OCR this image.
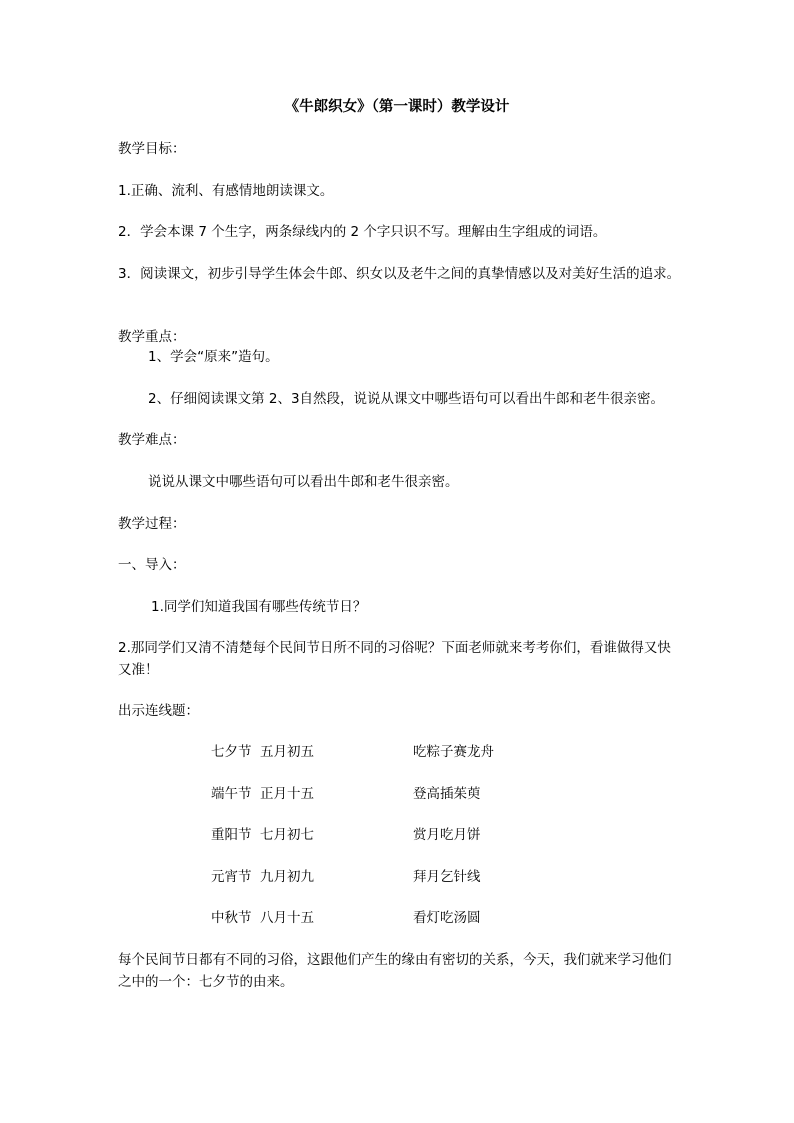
《牛郎织女》（第一课时）教学设计
教学目标：
1.正确、流利、有感情地朗读课文。
2．学会本课 7 个生字，两条绿线内的 2 个字只识不写。理解由生字组成的词语。
3．阅读课文，初步引导学生体会牛郎、织女以及老牛之间的真挚情感以及对美好生活的追求。
教学重点：
1、学会“原来”造句。
2、仔细阅读课文第 2、3自然段，说说从课文中哪些语句可以看出牛郎和老牛很亲密。
教学难点：
说说从课文中哪些语句可以看出牛郎和老牛很亲密。
教学过程：
一、导入：
1.同学们知道我国有哪些传统节日？
2.那同学们又清不清楚每个民间节日所不同的习俗呢？下面老师就来考考你们，看谁做得又快又准！
出示连线题：
七夕节 五月初五	吃粽子赛龙舟
端午节 正月十五	登高插茱萸
重阳节 七月初七	赏月吃月饼
元宵节 九月初九	拜月乞针线
中秋节 八月十五	看灯吃汤圆
每个民间节日都有不同的习俗，这跟他们产生的缘由有密切的关系，今天，我们就来学习他们之中的一个：七夕节的由来。
